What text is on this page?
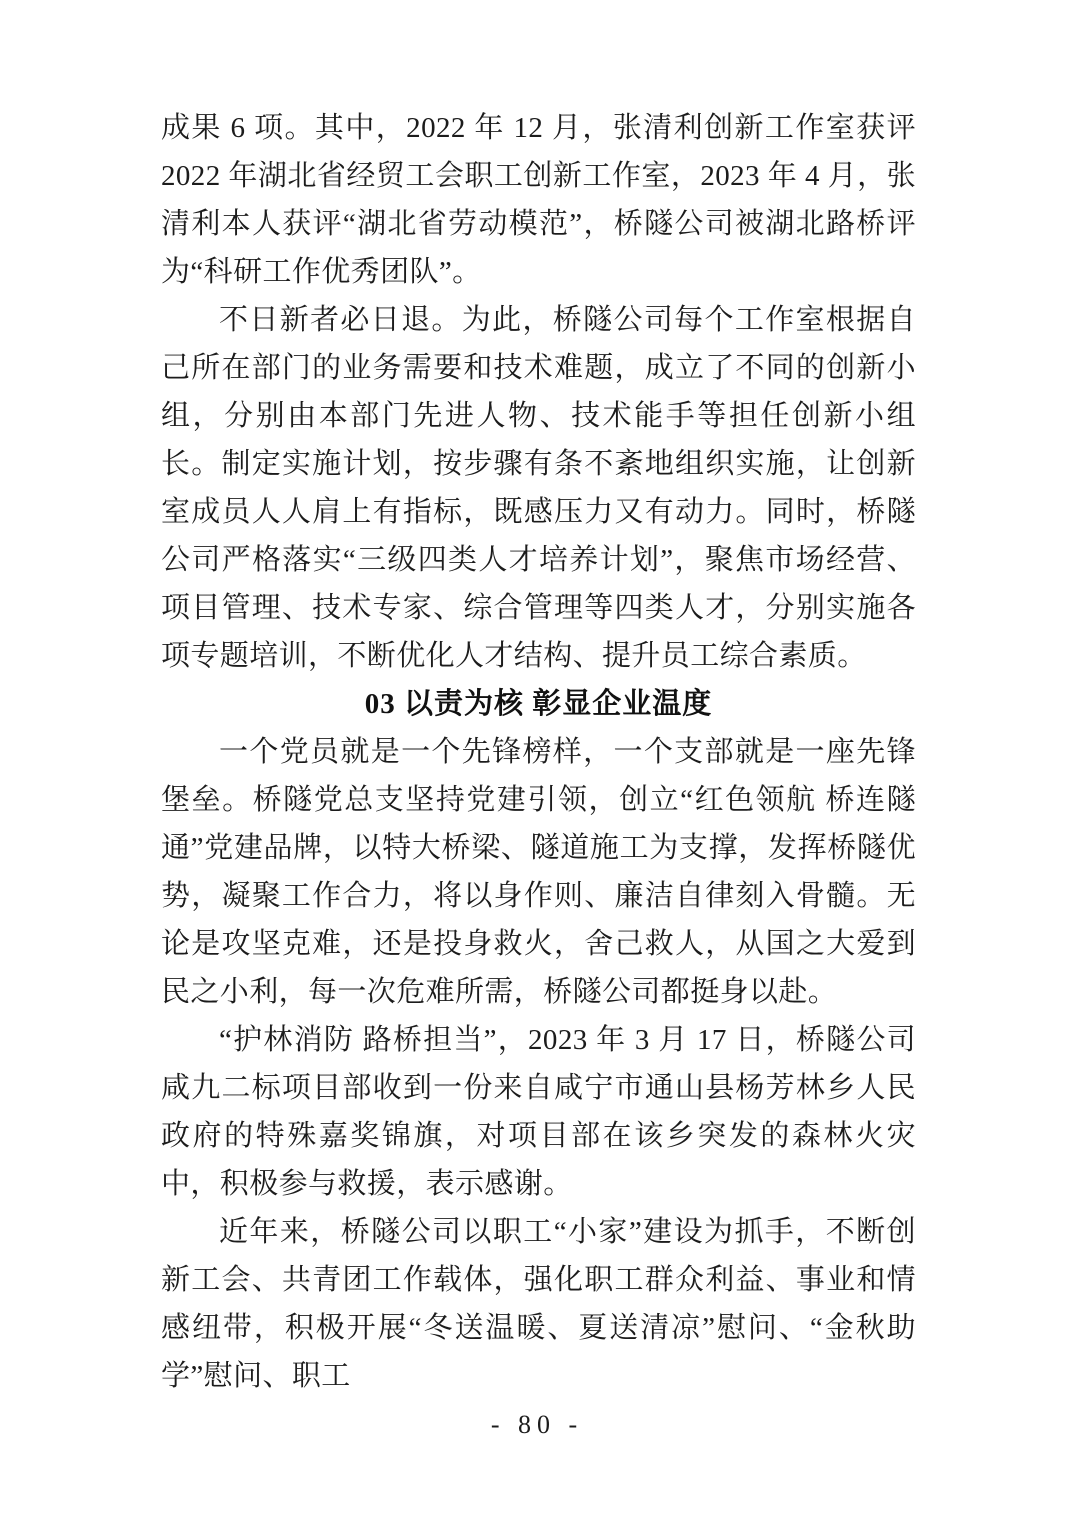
成果 6 项。其中，2022 年 12 月，张清利创新工作室获评 2022 年湖北省经贸工会职工创新工作室，2023 年 4 月，张清利本人获评“湖北省劳动模范”，桥隧公司被湖北路桥评为“科研工作优秀团队”。

不日新者必日退。为此，桥隧公司每个工作室根据自己所在部门的业务需要和技术难题，成立了不同的创新小组，分别由本部门先进人物、技术能手等担任创新小组长。制定实施计划，按步骤有条不紊地组织实施，让创新室成员人人肩上有指标，既感压力又有动力。同时，桥隧公司严格落实“三级四类人才培养计划”，聚焦市场经营、项目管理、技术专家、综合管理等四类人才，分别实施各项专题培训，不断优化人才结构、提升员工综合素质。

03 以责为核 彰显企业温度

一个党员就是一个先锋榜样，一个支部就是一座先锋堡垒。桥隧党总支坚持党建引领，创立“红色领航 桥连隧通”党建品牌，以特大桥梁、隧道施工为支撑，发挥桥隧优势，凝聚工作合力，将以身作则、廉洁自律刻入骨髓。无论是攻坚克难，还是投身救火，舍己救人，从国之大爱到民之小利，每一次危难所需，桥隧公司都挺身以赴。

“护林消防 路桥担当”，2023 年 3 月 17 日，桥隧公司咸九二标项目部收到一份来自咸宁市通山县杨芳林乡人民政府的特殊嘉奖锦旗，对项目部在该乡突发的森林火灾中，积极参与救援，表示感谢。

近年来，桥隧公司以职工“小家”建设为抓手，不断创新工会、共青团工作载体，强化职工群众利益、事业和情感纽带，积极开展“冬送温暖、夏送清凉”慰问、“金秋助学”慰问、职工

- 80 -
